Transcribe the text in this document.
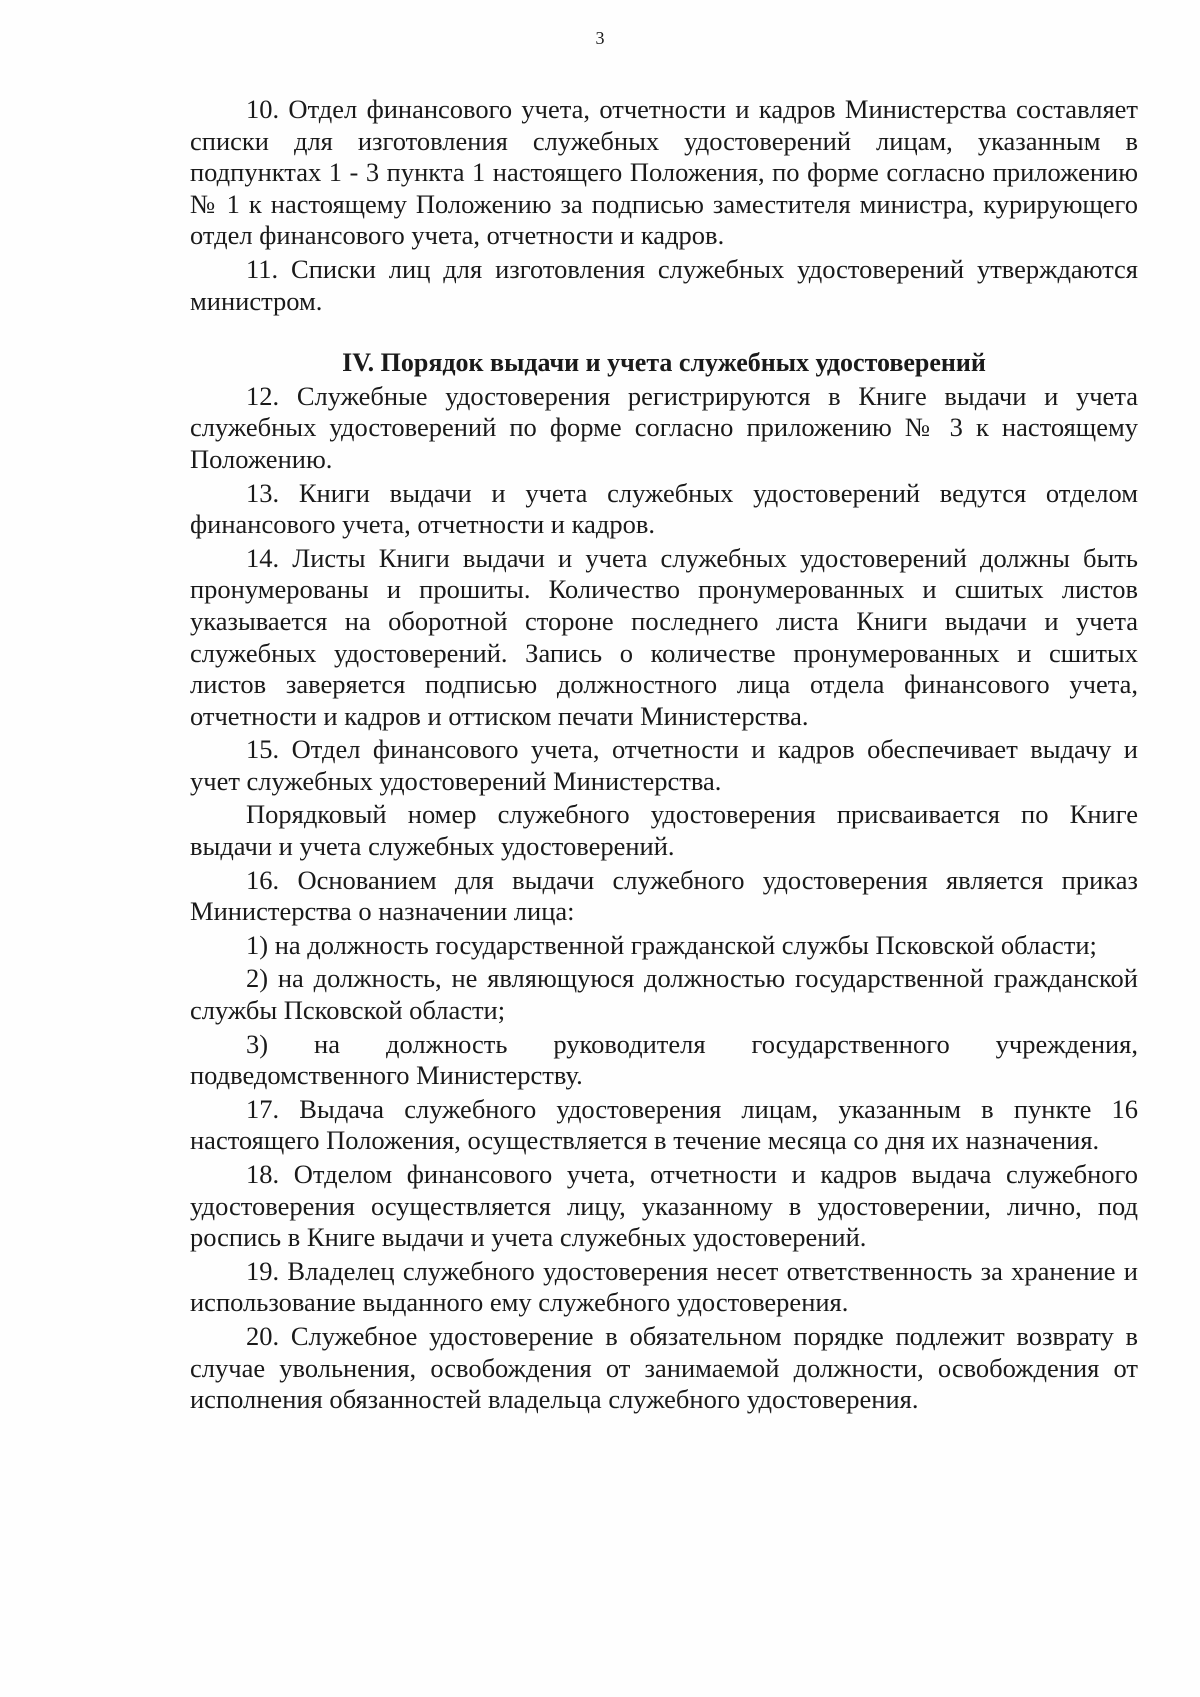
3

10. Отдел финансового учета, отчетности и кадров Министерства составляет списки для изготовления служебных удостоверений лицам, указанным в подпунктах 1 - 3 пункта 1 настоящего Положения, по форме согласно приложению № 1 к настоящему Положению за подписью заместителя министра, курирующего отдел финансового учета, отчетности и кадров.

11. Списки лиц для изготовления служебных удостоверений утверждаются министром.

IV. Порядок выдачи и учета служебных удостоверений

12. Служебные удостоверения регистрируются в Книге выдачи и учета служебных удостоверений по форме согласно приложению № 3 к настоящему Положению.

13. Книги выдачи и учета служебных удостоверений ведутся отделом финансового учета, отчетности и кадров.

14. Листы Книги выдачи и учета служебных удостоверений должны быть пронумерованы и прошиты. Количество пронумерованных и сшитых листов указывается на оборотной стороне последнего листа Книги выдачи и учета служебных удостоверений. Запись о количестве пронумерованных и сшитых листов заверяется подписью должностного лица отдела финансового учета, отчетности и кадров и оттиском печати Министерства.

15. Отдел финансового учета, отчетности и кадров обеспечивает выдачу и учет служебных удостоверений Министерства.

Порядковый номер служебного удостоверения присваивается по Книге выдачи и учета служебных удостоверений.

16. Основанием для выдачи служебного удостоверения является приказ Министерства о назначении лица:

1) на должность государственной гражданской службы Псковской области;

2) на должность, не являющуюся должностью государственной гражданской службы Псковской области;

3) на должность руководителя государственного учреждения, подведомственного Министерству.

17. Выдача служебного удостоверения лицам, указанным в пункте 16 настоящего Положения, осуществляется в течение месяца со дня их назначения.

18. Отделом финансового учета, отчетности и кадров выдача служебного удостоверения осуществляется лицу, указанному в удостоверении, лично, под роспись в Книге выдачи и учета служебных удостоверений.

19. Владелец служебного удостоверения несет ответственность за хранение и использование выданного ему служебного удостоверения.

20. Служебное удостоверение в обязательном порядке подлежит возврату в случае увольнения, освобождения от занимаемой должности, освобождения от исполнения обязанностей владельца служебного удостоверения.
